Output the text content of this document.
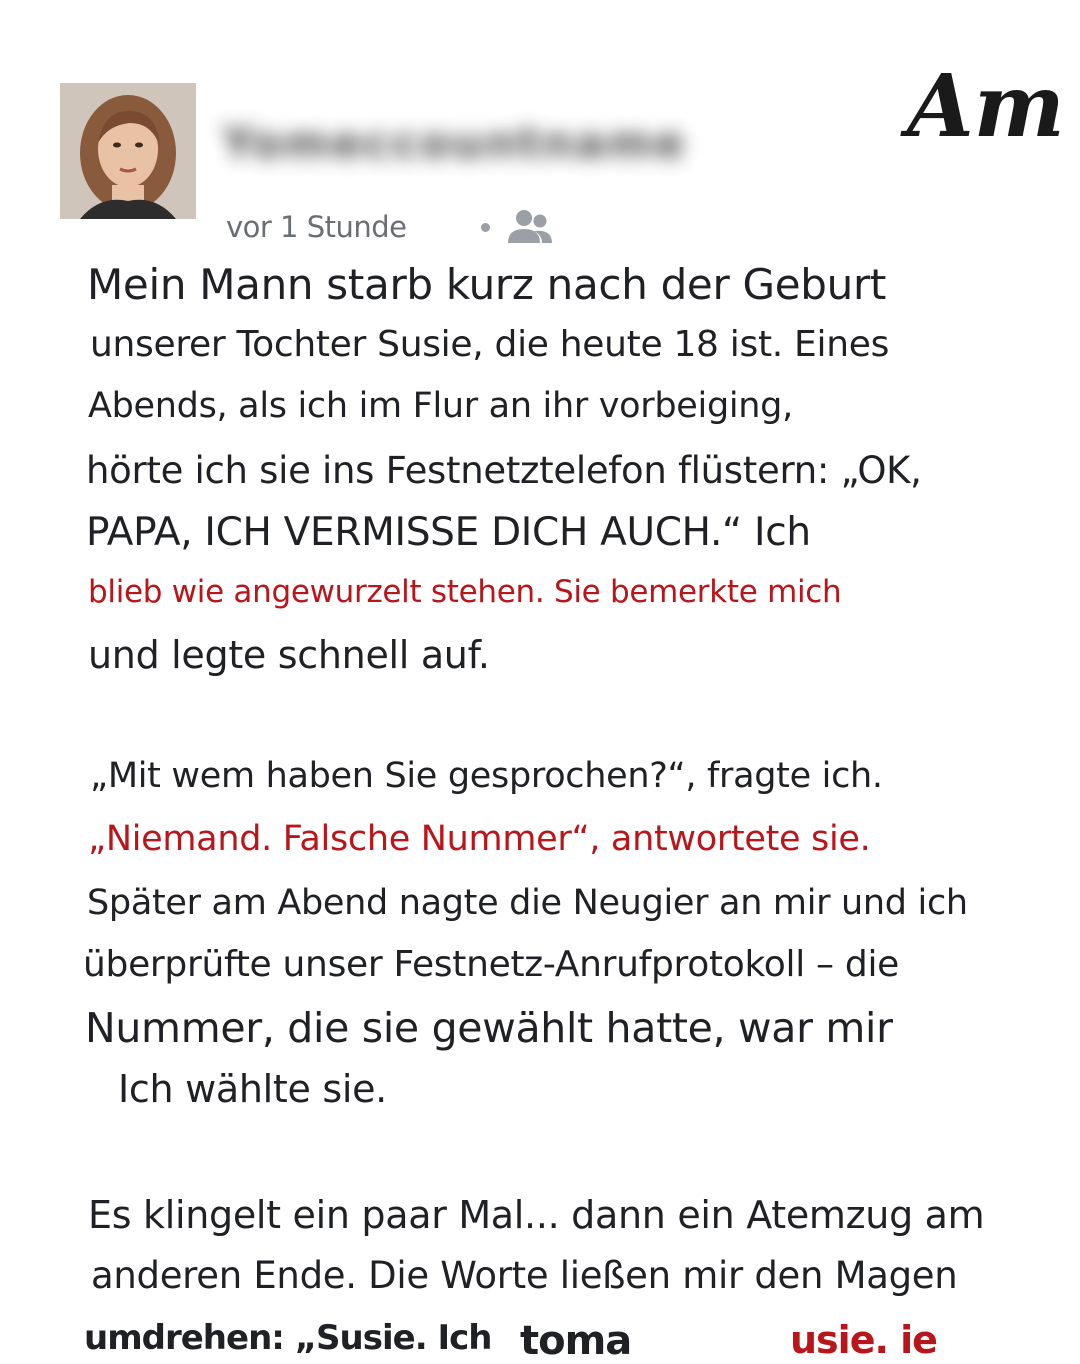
Yomeccountname
vor 1 Stunde
Am
Mein Mann starb kurz nach der Geburt
unserer Tochter Susie, die heute 18 ist. Eines
Abends, als ich im Flur an ihr vorbeiging,
hörte ich sie ins Festnetztelefon flüstern: „OK,
PAPA, ICH VERMISSE DICH AUCH.“ Ich
blieb wie angewurzelt stehen. Sie bemerkte mich
und legte schnell auf.
„Mit wem haben Sie gesprochen?“, fragte ich.
„Niemand. Falsche Nummer“, antwortete sie.
Später am Abend nagte die Neugier an mir und ich
überprüfte unser Festnetz-Anrufprotokoll – die
Nummer, die sie gewählt hatte, war mir
Ich wählte sie.
Es klingelt ein paar Mal... dann ein Atemzug am
anderen Ende. Die Worte ließen mir den Magen
umdrehen: „Susie. Ich toma	usie. ie
